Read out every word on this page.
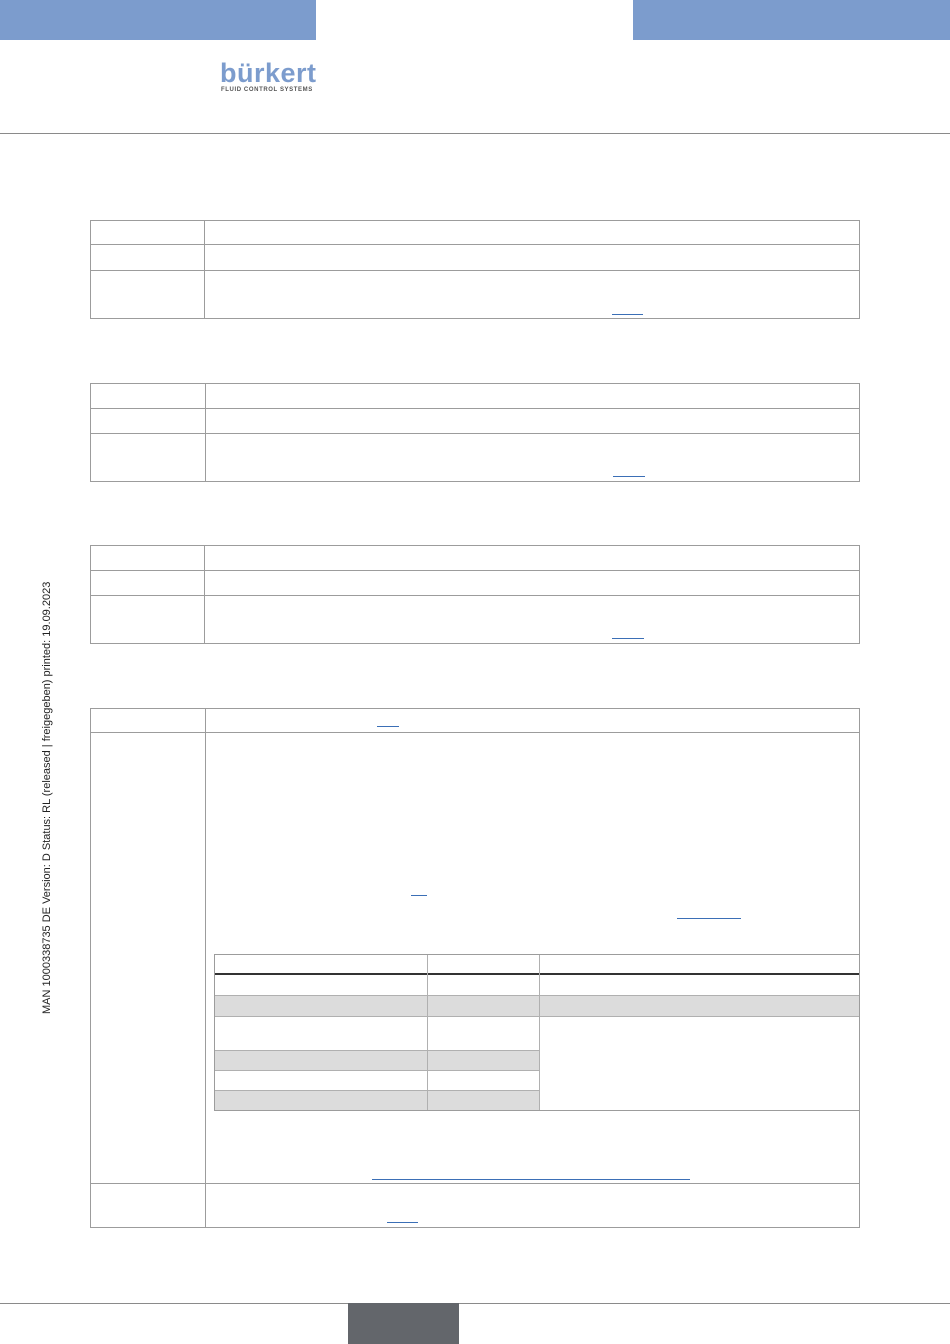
bürkert
FLUID CONTROL SYSTEMS
MAN 1000338735 DE Version: D Status: RL (released | freigegeben) printed: 19.09.2023
